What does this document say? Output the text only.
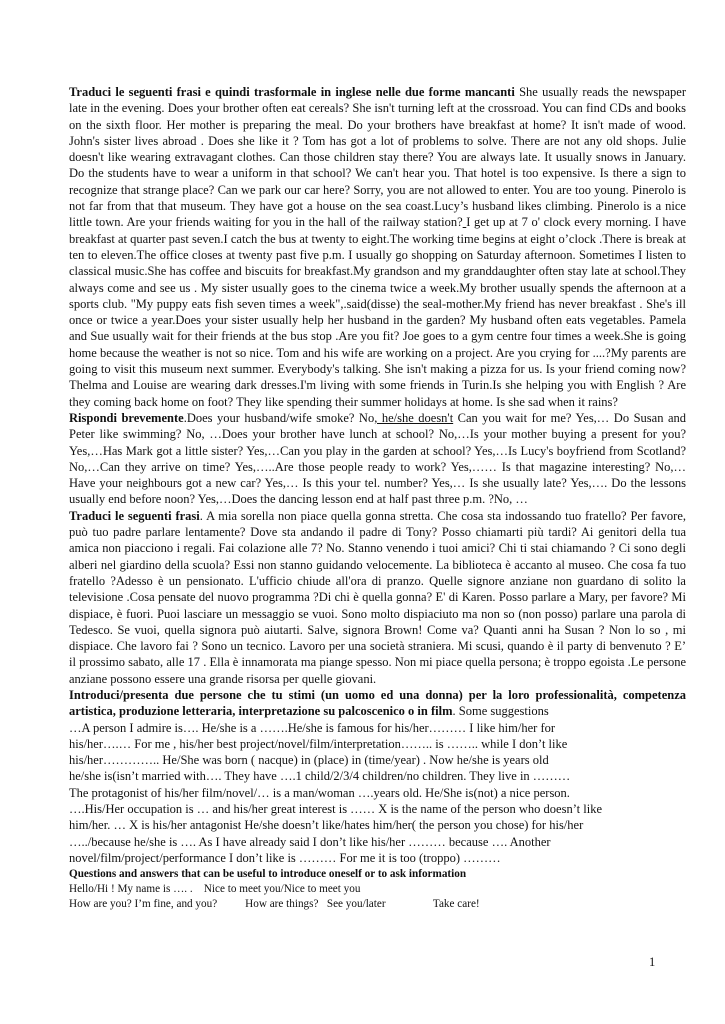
Traduci le seguenti frasi e quindi trasformale in inglese nelle due forme mancanti She usually reads the newspaper late in the evening. Does your brother often eat cereals? She isn't turning left at the crossroad. You can find CDs and books on the sixth floor. Her mother is preparing the meal. Do your brothers have breakfast at home? It isn't made of wood. John's sister lives abroad . Does she like it ? Tom has got a lot of problems to solve. There are not any old shops. Julie doesn't like wearing extravagant clothes. Can those children stay there? You are always late. It usually snows in January. Do the students have to wear a uniform in that school? We can't hear you. That hotel is too expensive. Is there a sign to recognize that strange place? Can we park our car here? Sorry, you are not allowed to enter. You are too young. Pinerolo is not far from that that museum. They have got a house on the sea coast.Lucy’s husband likes climbing. Pinerolo is a nice little town. Are your friends waiting for you in the hall of the railway station? I get up at 7 o' clock every morning. I have breakfast at quarter past seven.I catch the bus at twenty to eight.The working time begins at eight o’clock .There is break at ten to eleven.The office closes at twenty past five p.m. I usually go shopping on Saturday afternoon. Sometimes I listen to classical music.She has coffee and biscuits for breakfast.My grandson and my granddaughter often stay late at school.They always come and see us . My sister usually goes to the cinema twice a week.My brother usually spends the afternoon at a sports club. "My puppy eats fish seven times a week",.said(disse) the seal-mother.My friend has never breakfast . She's ill once or twice a year.Does your sister usually help her husband in the garden? My husband often eats vegetables. Pamela and Sue usually wait for their friends at the bus stop .Are you fit? Joe goes to a gym centre four times a week.She is going home because the weather is not so nice. Tom and his wife are working on a project. Are you crying for ....?My parents are going to visit this museum next summer. Everybody's talking. She isn't making a pizza for us. Is your friend coming now? Thelma and Louise are wearing dark dresses.I'm living with some friends in Turin.Is she helping you with English ? Are they coming back home on foot? They like spending their summer holidays at home. Is she sad when it rains?

Rispondi brevemente.Does your husband/wife smoke? No, he/she doesn't Can you wait for me? Yes,… Do Susan and Peter like swimming? No, …Does your brother have lunch at school? No,…Is your mother buying a present for you? Yes,…Has Mark got a little sister? Yes,…Can you play in the garden at school? Yes,…Is Lucy's boyfriend from Scotland? No,…Can they arrive on time? Yes,…..Are those people ready to work? Yes,…… Is that magazine interesting? No,… Have your neighbours got a new car? Yes,… Is this your tel. number? Yes,… Is she usually late? Yes,…. Do the lessons usually end before noon? Yes,…Does the dancing lesson end at half past three p.m. ?No, …

Traduci le seguenti frasi. A mia sorella non piace quella gonna stretta. Che cosa sta indossando tuo fratello? Per favore, può tuo padre parlare lentamente? Dove sta andando il padre di Tony? Posso chiamarti più tardi? Ai genitori della tua amica non piacciono i regali. Fai colazione alle 7? No. Stanno venendo i tuoi amici? Chi ti stai chiamando ? Ci sono degli alberi nel giardino della scuola? Essi non stanno guidando velocemente. La biblioteca è accanto al museo. Che cosa fa tuo fratello ?Adesso è un pensionato. L'ufficio chiude all'ora di pranzo. Quelle signore anziane non guardano di solito la televisione .Cosa pensate del nuovo programma ?Di chi è quella gonna? E' di Karen. Posso parlare a Mary, per favore? Mi dispiace, è fuori. Puoi lasciare un messaggio se vuoi. Sono molto dispiaciuto ma non so (non posso) parlare una parola di Tedesco. Se vuoi, quella signora può aiutarti. Salve, signora Brown! Come va? Quanti anni ha Susan ? Non lo so , mi dispiace. Che lavoro fai ? Sono un tecnico. Lavoro per una società straniera. Mi scusi, quando è il party di benvenuto ? E’ il prossimo sabato, alle 17 . Ella è innamorata ma piange spesso. Non mi piace quella persona; è troppo egoista .Le persone anziane possono essere una grande risorsa per quelle giovani.

Introduci/presenta due persone che tu stimi (un uomo ed una donna) per la loro professionalità, competenza artistica, produzione letteraria, interpretazione su palcoscenico o in film. Some suggestions

…A person I admire is…. He/she is a …….He/she is famous for his/her……… I like him/her for
his/her….… For me , his/her best project/novel/film/interpretation…….. is …….. while I don’t like
his/her………….. He/She was born ( nacque) in (place) in (time/year) . Now he/she is years old
he/she is(isn’t married with…. They have ….1 child/2/3/4 children/no children. They live in ………
The protagonist of his/her film/novel/… is a man/woman ….years old. He/She is(not) a nice person.
….His/Her occupation is … and his/her great interest is …… X is the name of the person who doesn’t like
him/her. … X is his/her antagonist He/she doesn’t like/hates him/her( the person you chose) for his/her
…../because he/she is …. As I have already said I don’t like his/her ……… because …. Another
novel/film/project/performance I don’t like is ……… For me it is too (troppo) ………
Questions and answers that can be useful to introduce oneself or to ask information
Hello/Hi ! My name is …. .    Nice to meet you/Nice to meet you
How are you? I’m fine, and you?          How are things?   See you/later                 Take care!
1
